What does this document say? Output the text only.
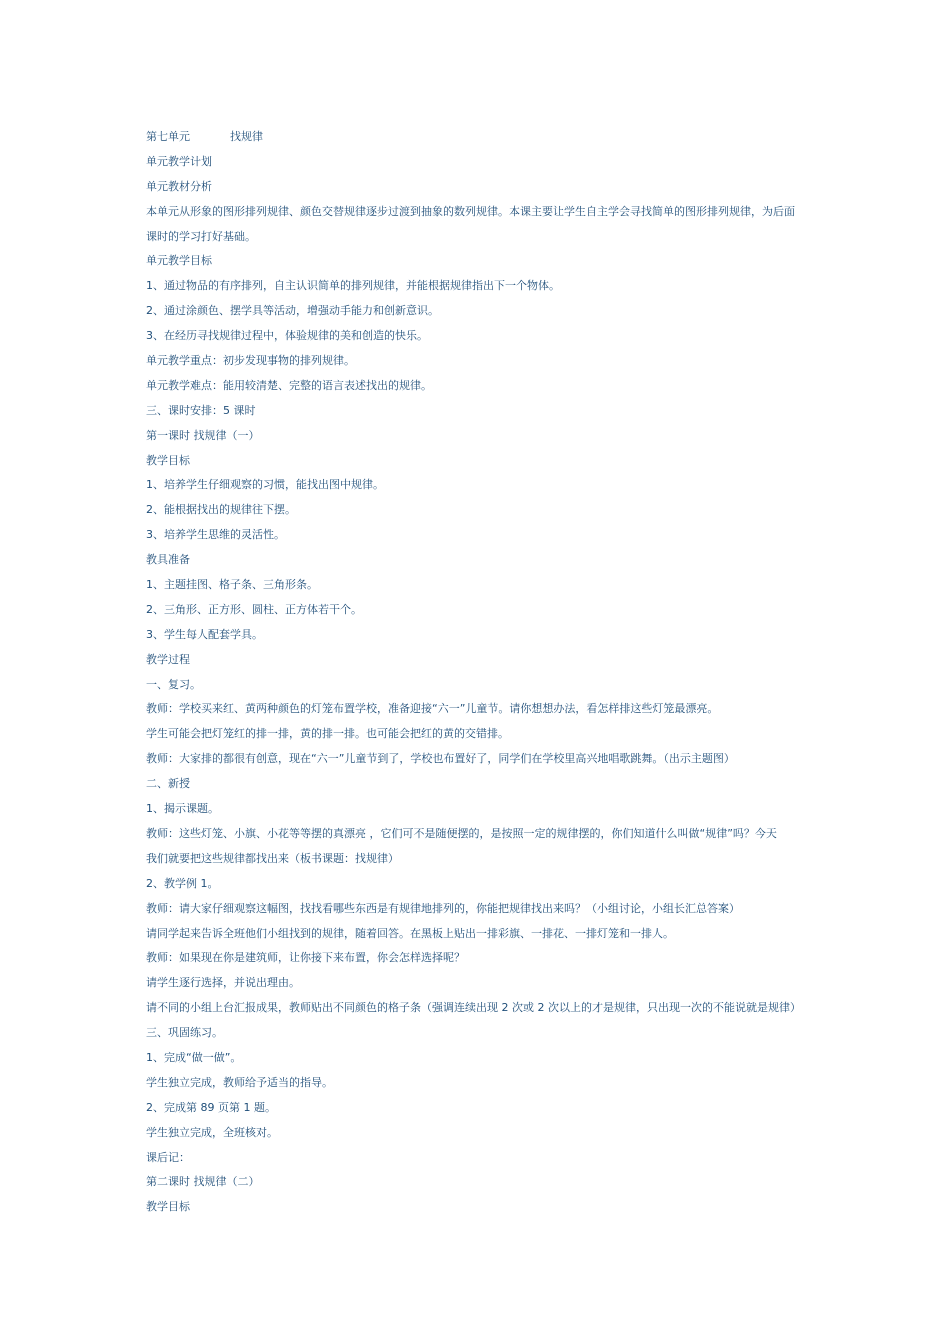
第七单元	找规律
单元教学计划
单元教材分析
本单元从形象的图形排列规律、颜色交替规律逐步过渡到抽象的数列规律。本课主要让学生自主学会寻找简单的图形排列规律，为后面
课时的学习打好基础。
单元教学目标
1、通过物品的有序排列，自主认识简单的排列规律，并能根据规律指出下一个物体。
2、通过涂颜色、摆学具等活动，增强动手能力和创新意识。
3、在经历寻找规律过程中，体验规律的美和创造的快乐。
单元教学重点：初步发现事物的排列规律。
单元教学难点：能用较清楚、完整的语言表述找出的规律。
三、课时安排：5 课时
第一课时 找规律（一）
教学目标
1、培养学生仔细观察的习惯，能找出图中规律。
2、能根据找出的规律往下摆。
3、培养学生思维的灵活性。
教具准备
1、主题挂图、格子条、三角形条。
2、三角形、正方形、圆柱、正方体若干个。
3、学生每人配套学具。
教学过程
一、复习。
教师：学校买来红、黄两种颜色的灯笼布置学校，准备迎接“六一”儿童节。请你想想办法，看怎样排这些灯笼最漂亮。
学生可能会把灯笼红的排一排，黄的排一排。也可能会把红的黄的交错排。
教师：大家排的都很有创意，现在“六一”儿童节到了，学校也布置好了，同学们在学校里高兴地唱歌跳舞。（出示主题图）
二、新授
1、揭示课题。
教师：这些灯笼、小旗、小花等等摆的真漂亮 ，它们可不是随便摆的，是按照一定的规律摆的，你们知道什么叫做“规律”吗？今天
我们就要把这些规律都找出来（板书课题：找规律）
2、教学例 1。
教师：请大家仔细观察这幅图，找找看哪些东西是有规律地排列的，你能把规律找出来吗？（小组讨论，小组长汇总答案）
请同学起来告诉全班他们小组找到的规律，随着回答。在黑板上贴出一排彩旗、一排花、一排灯笼和一排人。
教师：如果现在你是建筑师，让你接下来布置，你会怎样选择呢？
请学生逐行选择，并说出理由。
请不同的小组上台汇报成果，教师贴出不同颜色的格子条（强调连续出现 2 次或 2 次以上的才是规律，只出现一次的不能说就是规律）
三、巩固练习。
1、完成“做一做”。
学生独立完成，教师给予适当的指导。
2、完成第 89 页第 1 题。
学生独立完成，全班核对。
课后记：
第二课时 找规律（二）
教学目标
